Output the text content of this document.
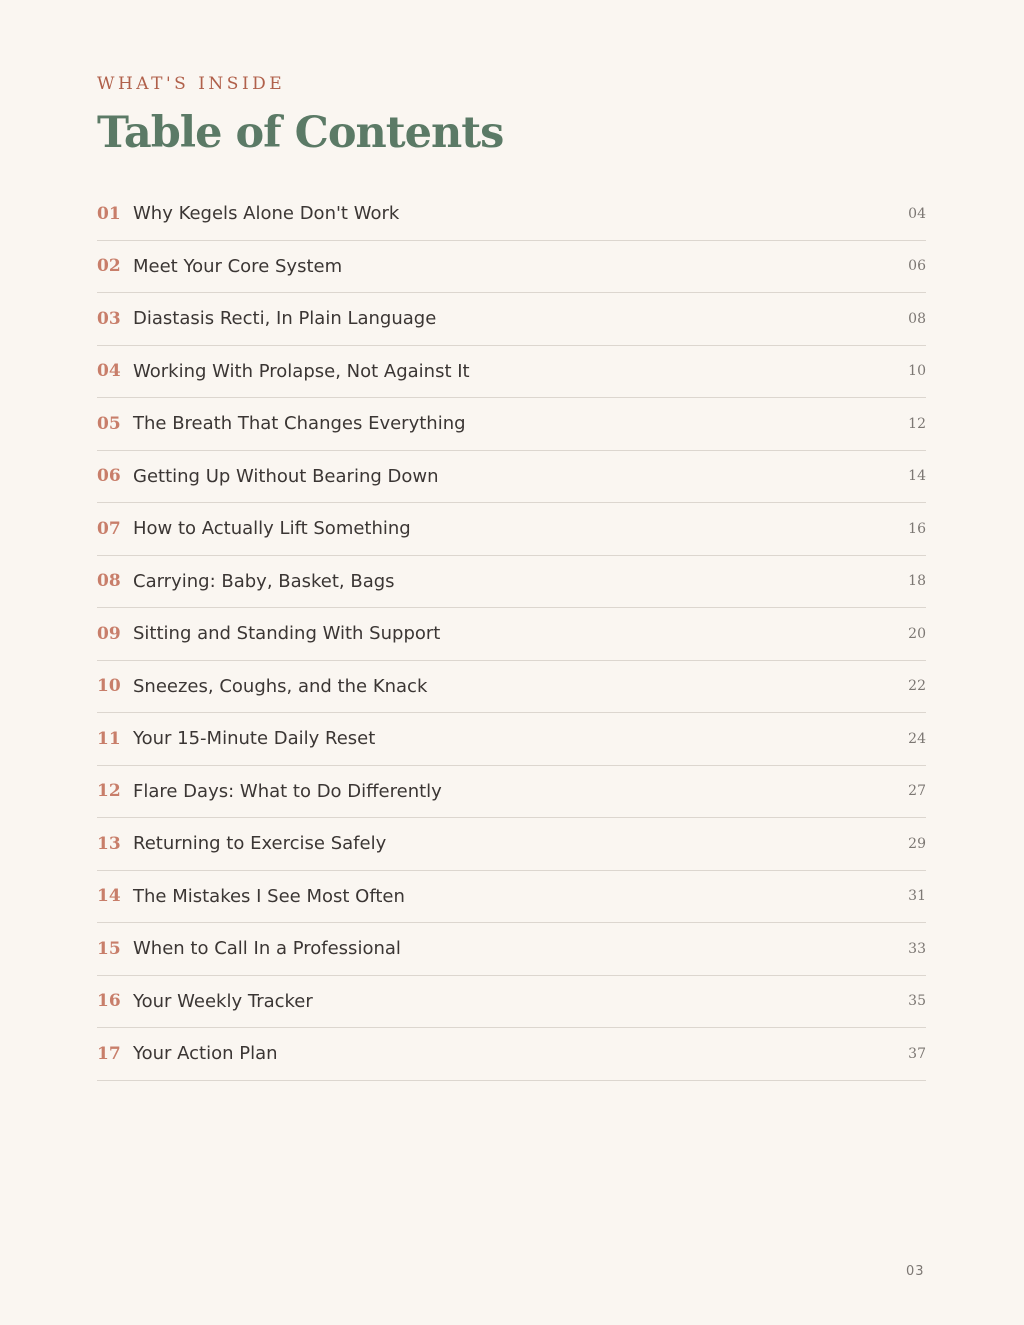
WHAT'S INSIDE
Table of Contents
01 Why Kegels Alone Don't Work	04
02 Meet Your Core System	06
03 Diastasis Recti, In Plain Language	08
04 Working With Prolapse, Not Against It	10
05 The Breath That Changes Everything	12
06 Getting Up Without Bearing Down	14
07 How to Actually Lift Something	16
08 Carrying: Baby, Basket, Bags	18
09 Sitting and Standing With Support	20
10 Sneezes, Coughs, and the Knack	22
11 Your 15-Minute Daily Reset	24
12 Flare Days: What to Do Differently	27
13 Returning to Exercise Safely	29
14 The Mistakes I See Most Often	31
15 When to Call In a Professional	33
16 Your Weekly Tracker	35
17 Your Action Plan	37
03
